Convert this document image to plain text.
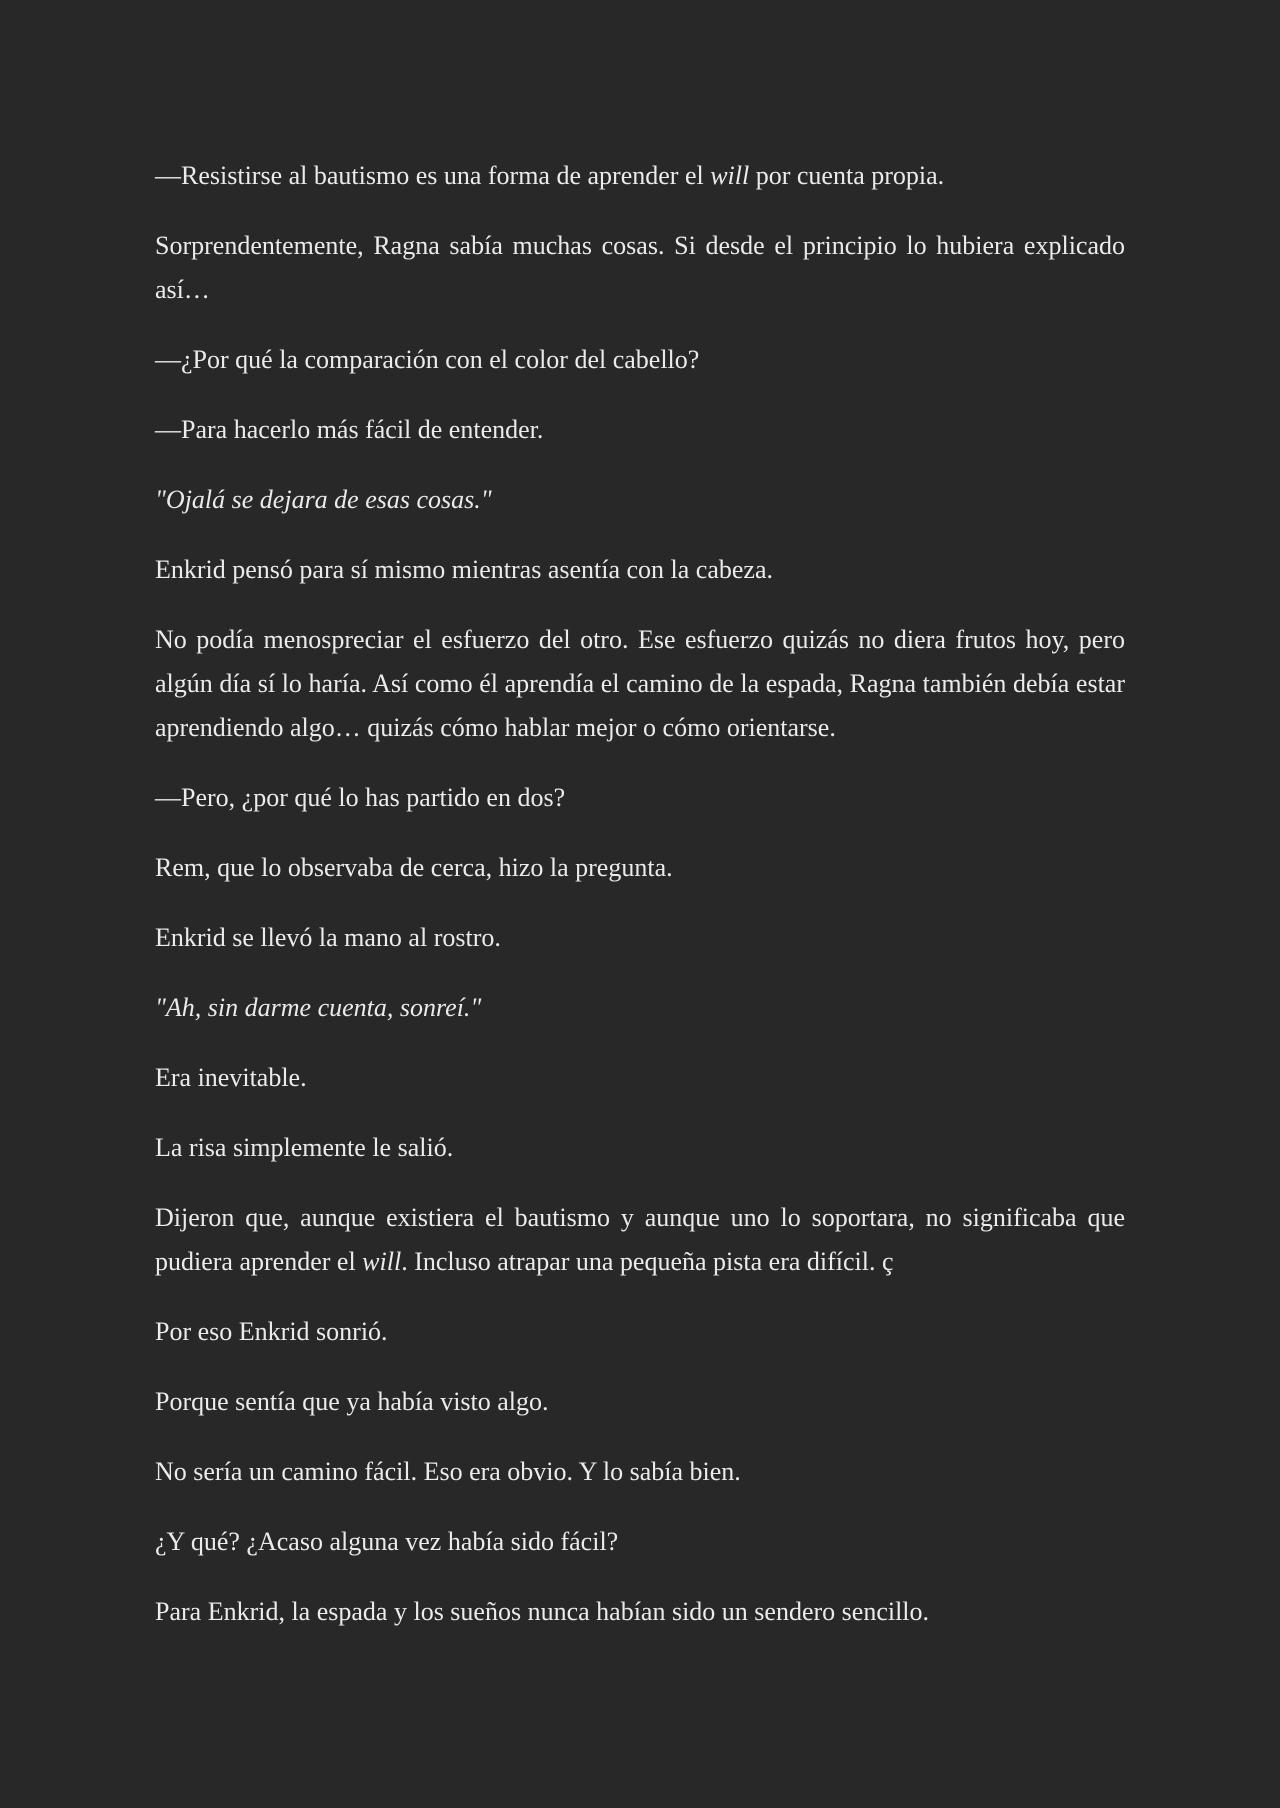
—Resistirse al bautismo es una forma de aprender el will por cuenta propia.

Sorprendentemente, Ragna sabía muchas cosas. Si desde el principio lo hubiera explicado así…

—¿Por qué la comparación con el color del cabello?

—Para hacerlo más fácil de entender.

"Ojalá se dejara de esas cosas."

Enkrid pensó para sí mismo mientras asentía con la cabeza.

No podía menospreciar el esfuerzo del otro. Ese esfuerzo quizás no diera frutos hoy, pero algún día sí lo haría. Así como él aprendía el camino de la espada, Ragna también debía estar aprendiendo algo… quizás cómo hablar mejor o cómo orientarse.

—Pero, ¿por qué lo has partido en dos?

Rem, que lo observaba de cerca, hizo la pregunta.

Enkrid se llevó la mano al rostro.

"Ah, sin darme cuenta, sonreí."

Era inevitable.

La risa simplemente le salió.

Dijeron que, aunque existiera el bautismo y aunque uno lo soportara, no significaba que pudiera aprender el will. Incluso atrapar una pequeña pista era difícil. ç

Por eso Enkrid sonrió.

Porque sentía que ya había visto algo.

No sería un camino fácil. Eso era obvio. Y lo sabía bien.

¿Y qué? ¿Acaso alguna vez había sido fácil?

Para Enkrid, la espada y los sueños nunca habían sido un sendero sencillo.
